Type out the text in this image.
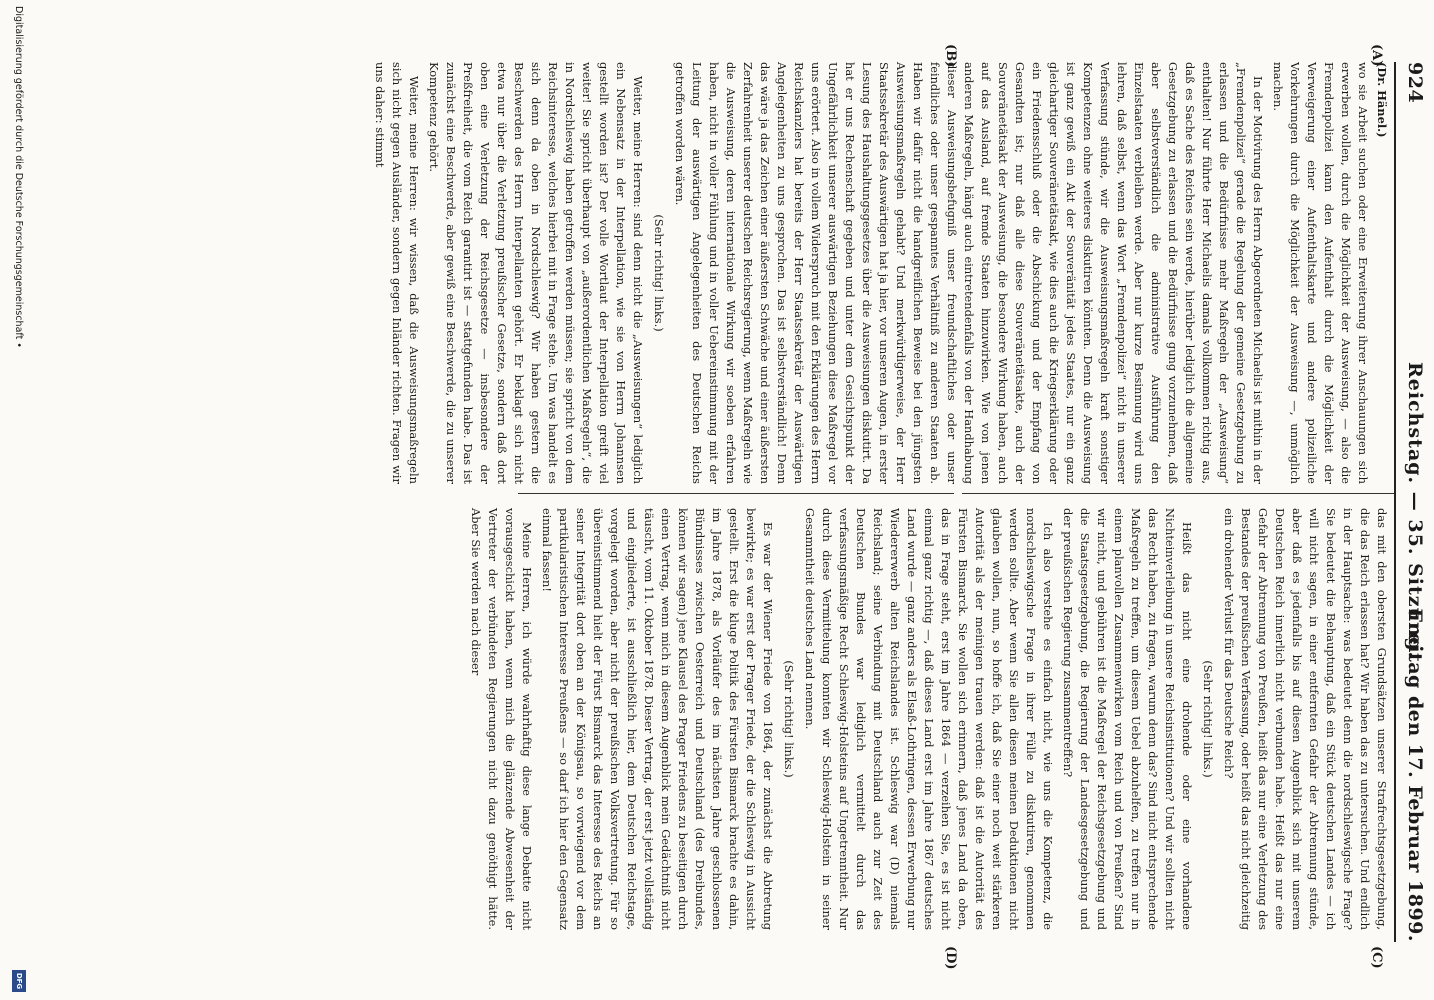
924
Reichstag. — 35. Sitzung.
Freitag den 17. Februar 1899.
(A)
(B)
(C)
(D)
(Dr. Hänel.)

wo sie Arbeit suchen oder eine Erweiterung ihrer Anschauungen sich erwerben wollen, durch die Möglichkeit der Ausweisung, — also die Fremdenpolizei kann den Aufenthalt durch die Möglichkeit der Verweigerung einer Aufenthaltskarte und andere polizeiliche Vorkehrungen durch die Möglichkeit der Ausweisung —, unmöglich machen.

In der Motivirung des Herrn Abgeordneten Michaelis ist mithin in der „Fremdenpolizei“ gerade die Regelung der gemeine Gesetzgebung zu erlassen und die Bedürfnisse mehr Maßregeln der „Ausweisung“ enthalten! Nur führte Herr Michaelis damals vollkommen richtig aus, daß es Sache des Reiches sein werde, hierüber lediglich die allgemeine Gesetzgebung zu erlassen und die Bedürfnisse gung vorzunehmen, daß aber selbstverständlich die administrative Ausführung den Einzelstaaten verbleiben werde. Aber nur kurze Besinnung wird uns lehren, daß selbst, wenn das Wort „Fremdenpolizei“ nicht in unserer Verfassung stünde, wir die Ausweisungsmaßregeln kraft sonstiger Kompetenzen ohne weiteres diskutiren könnten. Denn die Ausweisung ist ganz gewiß ein Akt der Souveränität jedes Staates, nur ein ganz gleichartiger Souveränetätsakt, wie dies auch die Kriegserklärung oder ein Friedensschluß oder die Abschickung und der Empfang von Gesandten ist; nur daß alle diese Souveränetätsakte, auch der Souveränetätsakt der Ausweisung, die besondere Wirkung haben, auch auf das Ausland, auf fremde Staaten hinzuwirken. Wie von jenen anderen Maßregeln, hängt auch eintretendenfalls von der Handhabung dieser Ausweisungsbefugniß unser freundschaftliches oder unser feindliches oder unser gespanntes Verhältniß zu anderen Staaten ab. Haben wir dafür nicht die handgreiflichen Beweise bei den jüngsten Ausweisungsmaßregeln gehabt? Und merkwürdigerweise, der Herr Staatssekretär des Auswärtigen hat ja hier, vor unseren Augen, in erster Lesung des Haushaltungsgesetzes über die Ausweisungen diskutirt. Da hat er uns Rechenschaft gegeben und unter dem Gesichtspunkt der Ungefährlichkeit unserer auswärtigen Beziehungen diese Maßregel vor uns erörtert. Also in vollem Widerspruch mit den Erklärungen des Herrn Reichskanzlers hat bereits der Herr Staatssekretär der Auswärtigen Angelegenheiten zu uns gesprochen. Das ist selbstverständlich! Denn das wäre ja das Zeichen einer äußersten Schwäche und einer äußersten Zerfahrenheit unserer deutschen Reichsregierung, wenn Maßregeln wie die Ausweisung, deren internationale Wirkung wir soeben erfahren haben, nicht in voller Fühlung und in voller Uebereinstimmung mit der Leitung der auswärtigen Angelegenheiten des Deutschen Reichs getroffen worden wären.

(Sehr richtig! links.)

Weiter, meine Herren: sind denn nicht die „Ausweisungen“ lediglich ein Nebensatz in der Interpellation, wie sie von Herrn Johannsen gestellt worden ist? Der volle Wortlaut der Interpellation greift viel weiter! Sie spricht überhaupt von „außerordentlichen Maßregeln“, die in Nordschleswig haben getroffen werden müssen; sie spricht von dem Reichsinteresse, welches hierbei mit in Frage stehe. Um was handelt es sich denn da oben in Nordschleswig? Wir haben gestern die Beschwerden des Herrn Interpellanten gehört. Er beklagt sich nicht etwa nur über die Verletzung preußischer Gesetze, sondern daß dort oben eine Verletzung der Reichsgesetze — insbesondere der Preßfreiheit, die vom Reich garantirt ist — stattgefunden habe. Das ist zunächst eine Beschwerde, aber gewiß eine Beschwerde, die zu unserer Kompetenz gehört.

Weiter, meine Herren: wir wissen, daß die Ausweisungsmaßregeln sich nicht gegen Ausländer, sondern gegen Inländer richten. Fragen wir uns daher: stimmt

das mit den obersten Grundsätzen unserer Strafrechtsgesetzgebung, die das Reich erlassen hat? Wir haben das zu untersuchen. Und endlich in der Hauptsache: was bedeutet denn die nordschleswigsche Frage? Sie bedeutet die Behauptung, daß ein Stück deutschen Landes — ich will nicht sagen, in einer entfernten Gefahr der Abtrennung stünde, aber daß es jedenfalls bis auf diesen Augenblick sich mit unserem Deutschen Reich innerlich nicht verbunden habe. Heißt das nur eine Gefahr der Abtrennung von Preußen, heißt das nur eine Verletzung des Bestandes der preußischen Verfassung, oder heißt das nicht gleichzeitig ein drohender Verlust für das Deutsche Reich?

(Sehr richtig! links.)

Heißt das nicht eine drohende oder eine vorhandene Nichteinverleibung in unsere Reichsinstitutionen? Und wir sollten nicht das Recht haben, zu fragen, warum denn das? Sind nicht entsprechende Maßregeln zu treffen, um diesem Uebel abzuhelfen, zu treffen nur in einem planvollen Zusammenwirken vom Reich und von Preußen? Sind wir nicht, und gebühren ist die Maßregel der Reichsgesetzgebung und die Staatsgesetzgebung, die Regierung der Landesgesetzgebung und der preußischen Regierung zusammentreffen?

Ich also verstehe es einfach nicht, wie uns die Kompetenz, die nordschleswigsche Frage in ihrer Fülle zu diskutiren, genommen werden sollte. Aber wenn Sie allen diesen meinen Deduktionen nicht glauben wollen, nun, so hoffe ich, daß Sie einer noch weit stärkeren Autorität als der meinigen trauen werden: daß ist die Autorität des Fürsten Bismarck. Sie wollen sich erinnern, daß jenes Land da oben, das in Frage steht, erst im Jahre 1864 — verzeihen Sie, es ist nicht einmal ganz richtig —, daß dieses Land erst im Jahre 1867 deutsches Land wurde — ganz anders als Elsaß-Lothringen, dessen Erwerbung nur Wiedererwerb alten Reichslandes ist. Schleswig war (D) niemals Reichsland; seine Verbindung mit Deutschland auch zur Zeit des Deutschen Bundes war lediglich vermittelt durch das verfassungsmäßige Recht Schleswig-Holsteins auf Ungetrenntheit. Nur durch diese Vermittelung konnten wir Schleswig-Holstein in seiner Gesammtheit deutsches Land nennen.

(Sehr richtig! links.)

Es war der Wiener Friede von 1864, der zunächst die Abtretung bewirkte; es war erst der Prager Friede, der die Schleswig in Aussicht gestellt. Erst die kluge Politik des Fürsten Bismarck brachte es dahin, im Jahre 1878, als Vorläufer des im nächsten Jahre geschlossenen Bündnisses zwischen Oesterreich und Deutschland (des Dreibundes, können wir sagen) jene Klausel des Prager Friedens zu beseitigen durch einen Vertrag, wenn mich in diesem Augenblick mein Gedächtniß nicht täuscht, vom 11. Oktober 1878. Dieser Vertrag, der erst jetzt vollständig und eingliederte, ist ausschließlich hier, dem Deutschen Reichstage, vorgelegt worden, aber nicht der preußischen Volksvertretung. Für so übereinstimmend hielt der Fürst Bismarck das Interesse des Reichs an seiner Integrität dort oben an der Königsau, so vorwiegend vor dem partikularistischen Interesse Preußens — so darf ich hier den Gegensatz einmal fassen!

Meine Herren, ich würde wahrhaftig diese lange Debatte nicht vorausgeschickt haben, wenn mich die glänzende Abwesenheit der Vertreter der verbündeten Regierungen nicht dazu genöthigt hätte. Aber Sie werden nach dieser

Digitalisierung gefördert durch die Deutsche Forschungsgemeinschaft •
DFG
